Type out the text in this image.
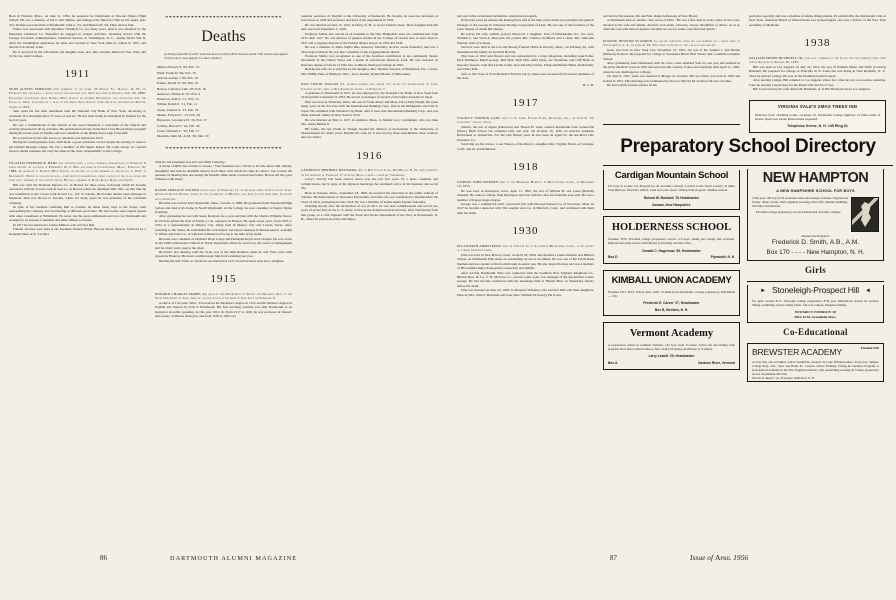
Born in Newton, Mass., on June 11, 1884, he prepared for Dartmouth at Newton (Mass.) High School. He was a member of Psi U and Sphinx, and managed the Musical Clubs in his senior year. Two brothers preceded him at Dartmouth: John G. '01, and Herbert M. '04. They survive him.

Walter was associated with Merrimac Chemical Co. for many years, until it was absorbed by the Monsanto Chemical Co. Thereafter he engaged in various activities, including service with the Foreign Economic Administration, Chemical Section, in Washington, D. C., during World War II. After the Washington experience he lived and worked in New York until he retired in 1953, and moved to Scotland, Conn.

He is survived by his wife Helen; his daughter Joan, now Mrs. Antonio Mattel of New York; and by his two older brothers.

1911

SETH AUSTIN EMERSON died suddenly at his home, 35 Fifield St., Nashua, N. H., on February 12, following a heart attack the previous day. Seth was born in Nashua, June 30, 1889. Following graduation from Nashua High School he entered Dartmouth and graduated with the Class of 1911, followed by a year in the Amos Tuck School from which he obtained his M.C.S. degree in 1912.

Seth spent his life until retirement with the National City Bank of New York, advancing to Assistant Vice President after 37 years of service. He has been living in retirement in Nashua for the last six years.

He was a communicant of the Church of the Good Shepherd, a vestryman of the Church and actively interested in all its activities. He participated actively in the Red Cross Blood Donor program during his recent years in Nashua and was a member of the Rising Sun Lodge F and AM.

He is survived by his wife Grace, to whom he was married in 1910.

During his undergraduate days, Seth made a good scholastic record despite his having to work to put himself through college. He was a member of Phi Sigma Kappa. He could always be counted upon to attend reunions and carry his share of the class' responsibility to the College.

WILLIAM FREDERICK HART was stricken with a fatal cerebral hemorrhage on February 9 while resting on vacation at Pinehurst, N. C. Bill was born in Charlestown, Mass., February 16, 1889. A graduate of Everett High School he became an active member of the Class of 1911 at Dartmouth. While in college he was a participant in basketball, being captain of his class team one year and a member of the varsity squad. He was a member of Kappa Kappa Kappa fraternity.

Bill was with the National Express Co. in Boston for three years, following which he became associated with the Crown Cork & Seal Co. in Boston where he remained until 1921. At that time he was transferred to the Crown Cork & Seal Co., Ltd. in Canada. He became district sales manager in Montreal, then was moved to Toronto, where for many years he was president of the Canadian company.

In spite of his business confining him to Canada, he made many trips to the States, both representing his company and vacationing at different spots here. He and Louise were regular guests with other classmates at Whitefield. He never lost his great enthusiasm and love for Dartmouth and arranged to be present at reunions and other similar occasions.

In 1917 he was married to Louise Minton, who survives him.

Funeral services were held at the Eastman Funeral Home, Beacon Street, Boston, followed by a Requiem Mass in St. Cecilia's

❧❧❧❧❧❧❧❧❧❧❧❧❧❧❧❧❧❧❧❧❧❧❧❧❧❧❧❧❧❧❧❧
Deaths
[A listing of deaths of which word has been received within the past month. Full notices may appear in this issue or may appear in a later number.]
Miller, Edward S. '95, Feb. 13
Field, Frank D. '94, Feb. 10
Abbott, Arthur J. '99, Feb. 18
Parker, David W. '99, Feb. 25
Barton, Clarence LeR. '05, Feb. 16
Andrews, Walter R. '07, Feb. 2
Emerson, Seth A. '11, Feb. 13
Wilder, Ralph S. '11, Feb. 11
Stone, Charles S. '13, Feb. 23
Mabie, Edward C. '15, Feb. 19
Hayward, Lawrence H. '16, Feb. 17
Collins, Harold S. '24, Feb. 26
Jones, Wendell C. '25, Feb. 17
Mecklin, John M., A.M. '20, Mar. 10
❧❧❧❧❧❧❧❧❧❧❧❧❧❧❧❧❧❧❧❧❧❧❧❧❧❧❧❧❧❧❧❧

Church, and interment was in Forest Hills Cemetery.

A friend of Bill's has written to Louise, "Your husband was a friend to all who knew him. Kindly, thoughtful and with an unselfish interest in all those with whom he came in contact. Just to have the pleasure of meeting him and seeing his friendly smile made a person feel better. He has left his good influence with many."

RALPH SPRAGUE WILDER passed away on February 11, in his sleep while resting in his chair. Although Ralph Wilder, known to his classmates as Brownie, had been ill for some time, his death was unexpected.

Brownie was born in East Weymouth, Mass., October 4, 1888. He graduated from Weymouth High School and died at his home in North Weymouth. At the College he was a member of Kappa Sigma fraternity.

After graduation he was with Sears, Roebuck for a year and then with the Charles Williams Stores. In 1919 he joined the firm of Tomas y Cia, exporters in Boston. He spent seven years, from 1925 to 1932 as a representative in Mexico City, living both in Mexico City and Laredo, Texas. After returning to the States, he established his own import and export business in Boston known as Ralph S. Wilder and Sons Co., in which he remained active up to the time of his death.

Brownie was a member of Orphan's Hope Lodge and Pentalpha Royal Arch Chapter. He was active in the Third Universalist Church in North Weymouth where he served on the board of management and for many years sang in the choir.

Brownie's last meeting with the Class was at the 40th Reunion when he and Viola were both present in Hanover. His heart condition kept him from returning last year.

Besides his wife Viola, to whom he was married in 1915, he leaves three sons and a daughter.

1915

EDWARD CHARLES MABIE, 63, head of the Department of Speech and Dramatic Arts at the State University of Iowa, died of a heart attack at his home in Iowa City on February 9.

A native of LaCrosse, Wisc., Ed received his Bachelor's degree in 1915 and his Master's degree in English and Speech in 1916 at Dartmouth. His first teaching position was after Dartmouth as an instructor in public speaking, for the year 1915-16. From 1917 to 1918, he was professor of rhetoric and oratory at Illinois Wesleyan, and from 1918 to 1920 was

assistant professor of English at the University of Kentucky. He became an associate professor at Iowa State in 1929 and professor and head of the department in 1935.

He was married on June 15, 1916, in Derry, N. H., to Grace Francis Chase. Their daughter Priscilla Ann was born September 1, 1918.

Professor Mabie also served as an assistant to the New Hampshire state tax commissioner from 1915 until 1917. He was director of general studies in the College of Liberal Arts at Iowa State in 1947 and a regional director of the Federal theater project in 1935 and 1936.

He was a member of Delta Sigma Rho, honorary fraternity; Acacia, social fraternity; and was a 32nd degree Mason. He was also a member of the Congregational church.

Professor Mabie was recognized as one of the foremost contributors to the community theater movement in the United States and a leader in educational theatrical work. He was awarded an honorary degree of Doctor of Fine Arts at Illinois Wesleyan College in 1950.

Besides his wife, he is survived by his daughter, Mrs. Thomas Steward, of Bradenton, Fla.; a sister, Mrs. Phillip Falk, of Madison, Wisc.; and a brother, Roland Mabie, of Milwaukee.

DAN FRANK WAUGH, 61, retired banker who wrote two books on translations of early Japanese poetry, died at Old Saybrook, Conn., on February 7.

A graduate of Dartmouth in 1915, he was employed by the National City Bank of New York from 1916 until his retirement in 1954. He served as manager of several of the bank's branches in Japan.

Dan was born in Stillwater, Okla., the son of Frank Albert and Mary Alice (Vail) Waugh. He spent many years in the Far East with the International Banking Corp., first in the Philippines and later in Japan. He continued with National City Bank, after it took over International Banking Corp., and was made assistant cashier in New York in 1934.

He was married on May 4, 1927, in Amherst, Mass., to Muriel Lucy Coningham, who was then Mrs. Amos Belden Jr.

His father, the late Frank A. Waugh, headed the division of horticulture at the University of Massachusetts for many years. Besides his wife, he is survived by three stepchildren, three brothers and two sisters.

1916

LAWRENCE HERBERT HAYWARD, 62, of Red Coach Lane, Rye Beach, N. H., died suddenly on the morning of February 17 in Lynn, Mass., from a coronary thrombosis.

Larry's activity had been slowed down over the last few years by a heart condition and complications, but in spite of the physical handicaps he continued active in his business and social life.

Born in Scituate, Mass., September 18, 1893, he received his education in the public schools of Scituate. He matriculated at Worcester Polytechnic and after one year transferred to Dartmouth in the Class of 1916, graduating in June 1918. He was a member of Sigma Alpha Epsilon fraternity.

Enlisting shortly after the declaration of war in 1917, he was later commissioned and served two years of active duty in the U. S. Army, at first in the Aviation branch and later, after transferring from that group, as a civil engineer with the Yards and Docks Department of the Navy at Portsmouth, N. H., where he played an active and impor-

tant part in the accelerated submarine construction program.

In his later years he entered the heating field, and at the time of his death was president and general manager of the George D. Emerson Heating Corporation of Lynn. He was one of the founders of the Lynn chapter of Alpha Phi Omega.

He leaves his wife, Aleitha (Leary) Hayward; a daughter, Jean of Philadelphia, Pa.; two sons, William L. and Ward A. Hayward; his parents Mrs. Charles Litchfield, and a sister, Mrs. Malcolm Weldon, both of Scituate.

Services were held at the Lee and Moody Funeral Home in Beverly, Mass., on February 20, with interment in the family lot in North Beverly.

The Class of 1916 sent flowers and was represented by a large delegation, including Gian Fuller, Dick Parkhurst, Ralph George, Bill Mott, Dick Ellis, Reid Seale, Joe Newmark, and Cliff Benn as honorary bearers, Sam and Lucille Cutler, Ken and May Tucker, Frank and Helene Bobst, Ruth Fuller, and Violet Ellis.

Gifts to the Class of 1916 Memorial Fund in Larry's name were recorded from several members of the class.

H. C. B.
1917

STANLEY VERNON LANE died at his home, Flower Farm, Rockford, Ill., on January 13, following a heart attack.

Stanley, the son of Agnes (Patterson) and Theron H. Lane, entered Dartmouth from Somerville (Mass.) High School but remained only one year. On October 16, 1916, he married Jeannette Richardson at Somerville. For the past fifteen years he has been an agent for the Rockford Life Insurance Co.

Surviving are his widow; a son Theron, of Rockford; a daughter Mrs. Virginia Fields, of Saratoga, Calif.; and six grandchildren.

1918

GEORGE JOHN SIEMSEN died at the Memorial Hospital in Manchester, Conn., on December 16, 1955.

He was born in Davenport, Iowa, April 11, 1893, the son of William H. and Laura (Branch) Siemsen. He came to college from Davenport and was with the class for freshman year only. He was a member of Kappa Kappa Kappa.

George was a commercial artist, associated first with Howard-Wesson Co. of Worcester, Mass. In 1927 he became connected with The Graphic Arts Co. in Hartford, Conn., and continued with them until his death.

1930

ELLSWORTH ARMSTRONG died on January 11 at his home in Bethlehem, Conn., as the result of carbon monoxide fumes.

Ellie was born in New Haven, Conn., on April 18, 1908, and attended Loomis Institute and Milford School. At Dartmouth Ellie made an outstanding record as an athlete. He was one of the Easch Rassi linemen and was captain of the football team in senior year. He also played hockey and was a member of His Gamma Delta, Palaeopitus, Green Key and Sphinx.

After leaving Dartmouth, Ellie was connected with the Southern New England Telephone Co., Hinckx Bros. & Co., F. H. McGraw Co., and for some years was manager of the Rockefeller Center Garage. He had become connected with the brokerage firm of Hinckx Bros. in Waterbury shortly before his death.

Ellie was married on June 25, 1928, to Margaret Wheatley who survives him with their daughters, Patricia (Mrs. John S. Burbank) and Joan (Mrs. William M. Posey). He is also

survived by his parents, Mr. and Mrs. Ralph Armstrong of New Haven.

A Dartmouth man of another class wrote of Ellie: "He was a fine man in every sense of the word, devoted to his wife and family, cheerful even under adversity, always thoughtful of others. As is so often the case with men of superior strength, he was by nature very kind and gentle."

EUGENE NEWTON SCADRON was killed instantly when his car skidded on a curve west of Southampton, L. I., on January 19. The other occupant of the car was also killed.

Gene was born in New York City November 13, 1907, the son of Dr. Samuel J. and Bertha (Millson) Scadron. He prepared for college at Townsend Harris Hall School and Columbia Grammar School.

After graduating from Dartmouth with the class, Gene attended Yale for one year and enlisted in the Army Medical Corps in 1942 and served in this country, France and Germany until April 11, 1946, when he was discharged as a Major.

On June 6, 1947, Gene was married to Margot de Vauclier. His son Stuart was born in 1949 and Joshua in 1951. This marriage was terminated by divorce. Harvey M. Scadron '46 was a brother.

He had written various articles on his

Preparatory School Directory
Cardigan Mountain School
For boys in Grades 5-9. Prepares for all secondary schools. Located in the North Country 22 miles from Hanover. Elevation 1200 ft. Land and water sports. Outing Club program. Summer session.
Roland W. Burbank '31 Headmaster
Canaan, New Hampshire.
HOLDERNESS SCHOOL
Founded 1879. Excellent college preparatory record. 115 boys. Skiing and outing club activities. Railroad and plane service from Boston (120 miles) and New York.
Donald C. Hagerman '35, Headmaster
Box D	Plymouth, N. H.
KIMBALL UNION ACADEMY
Founded 1813. Boys' School since 1936. 14 miles from Dartmouth. College preparatory. Enrollment — 150.
Frederick E. Carver '27, Headmaster
Box B, Meriden, N. H.
Vermont Academy
A preparatory school in southern Vermont. 125 boys from 13 states. Active ski and Outing Club program. Near direct railroad lines to New York (170 miles) and Boston (115 miles).
Larry Leavitt '25, Headmaster
Box A	Saxtons River, Vermont
NEW HAMPTON
A NEW HAMPSHIRE SCHOOL FOR BOYS
135th year, 160 boys from seventeen states and foreign countries. Experienced faculty. Small classes. Well regulated boarding school life. Modern buildings. 100 miles from Boston.
Excellent college preparatory record at Dartmouth and other colleges.
Address the Registrar:
Frederick D. Smith, A.B., A.M.
Box 170 - - - - New Hampton, N. H.
Girls
► Stoneleigh-Prospect Hill ◄
For girls, Grades 8-12. Thorough college preparation. 87th year. Monadnock system for posture. Skiing, swimming, private riding stable. 150-acre campus. Modern building.
EDWARD E. EMERSON '28
BOX 43-M, Greenfield, Mass.
Co-Educational
BREWSTER ACADEMY	Founded 1820
A truly fine old accredited school beautifully situated on Lake Winnipesaukee. Forty-acre campus. College Prep, Gen., Sym. and Home Ec. Courses. Driver Training. Testing & Guidance Program. A personalized academy in the New England tradition, with outstanding teaching & college preparatory record. Enrollment 200-250.
Vincent D. Rogers '24, Principal, Wolfeboro, N. H.

particular specialty and was a member of Alpha Omega Alpha, Pi Lambda Phi, the Dartmouth Club of New York, American Board of Obstetricians and Gynecologists, and was a Fellow of the New York Academy of Medicine.

1938

WILLIAM MINER BUSHNELL JR., who was a member of the Class for one semester only, died in Los Angeles on August 29, 1955.

Bill was born in Los Angeles on July 24, 1913, the son of William Miner and Edith (Corison) Bushnell. He prepared for college at Principia in St. Louis but was living in New Rochelle, N. Y., when he entered college. He was on the freshman football squad.

After leaving college, Bill returned to Los Angeles where for a time he was a real estate salesman. Later he became a supervisor for the Plastic Die and Tool Corp.

Bill is survived by his wife Aileen M. Bushnell, of 11382 Thurston Circle, Los Angeles.

VIRGINIA SALE'S XMAS TREES INN
Delicious food, charming rooms, on Route 10, Dartmouth College highway, 15 miles north of Keene. Open year round. Reservations requested.
Telephone Keene, N. H. 145 Ring 31
86	DARTMOUTH ALUMNI MAGAZINE	87	Issue of April 1956
